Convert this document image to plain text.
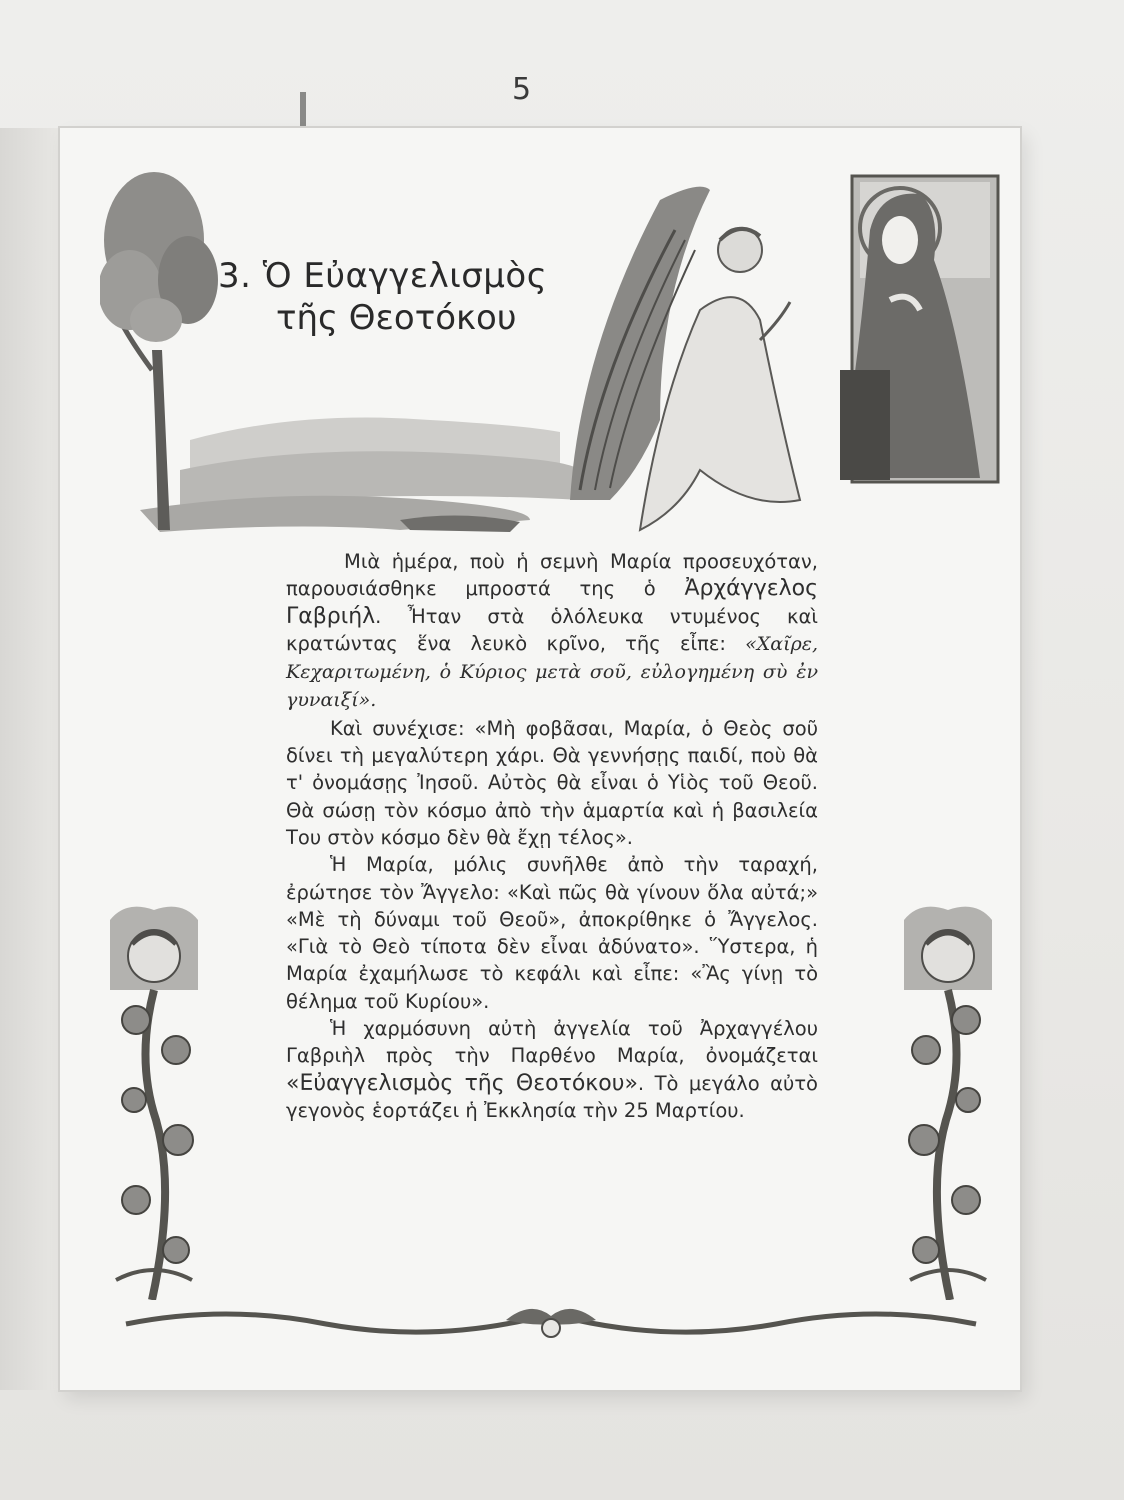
5
3. Ὁ Εὐαγγελισμὸς
τῆς Θεοτόκου

Μιὰ ἡμέρα, ποὺ ἡ σεμνὴ Μαρία προσευχόταν, παρουσιάσθηκε μπροστά της ὁ Ἀρχάγγελος Γαβριήλ. Ἦταν στὰ ὁλόλευκα ντυμένος καὶ κρατώντας ἕνα λευκὸ κρῖνο, τῆς εἶπε: «Χαῖρε, Κεχαριτωμένη, ὁ Κύριος μετὰ σοῦ, εὐλογημένη σὺ ἐν γυναιξί».

Καὶ συνέχισε: «Μὴ φοβᾶσαι, Μαρία, ὁ Θεὸς σοῦ δίνει τὴ μεγαλύτερη χάρι. Θὰ γεννήσῃς παιδί, ποὺ θὰ τ' ὀνομάσῃς Ἰησοῦ. Αὐτὸς θὰ εἶναι ὁ Υἱὸς τοῦ Θεοῦ. Θὰ σώσῃ τὸν κόσμο ἀπὸ τὴν ἁμαρτία καὶ ἡ βασιλεία Του στὸν κόσμο δὲν θὰ ἔχῃ τέλος».

Ἡ Μαρία, μόλις συνῆλθε ἀπὸ τὴν ταραχή, ἐρώτησε τὸν Ἄγγελο: «Καὶ πῶς θὰ γίνουν ὅλα αὐτά;» «Μὲ τὴ δύναμι τοῦ Θεοῦ», ἀποκρίθηκε ὁ Ἄγγελος. «Γιὰ τὸ Θεὸ τίποτα δὲν εἶναι ἀδύνατο». Ὕστερα, ἡ Μαρία ἐχαμήλωσε τὸ κεφάλι καὶ εἶπε: «Ἂς γίνῃ τὸ θέλημα τοῦ Κυρίου».

Ἡ χαρμόσυνη αὐτὴ ἀγγελία τοῦ Ἀρχαγγέλου Γαβριὴλ πρὸς τὴν Παρθένο Μαρία, ὀνομάζεται «Εὐαγγελισμὸς τῆς Θεοτόκου». Τὸ μεγάλο αὐτὸ γεγονὸς ἑορτάζει ἡ Ἐκκλησία τὴν 25 Μαρτίου.
